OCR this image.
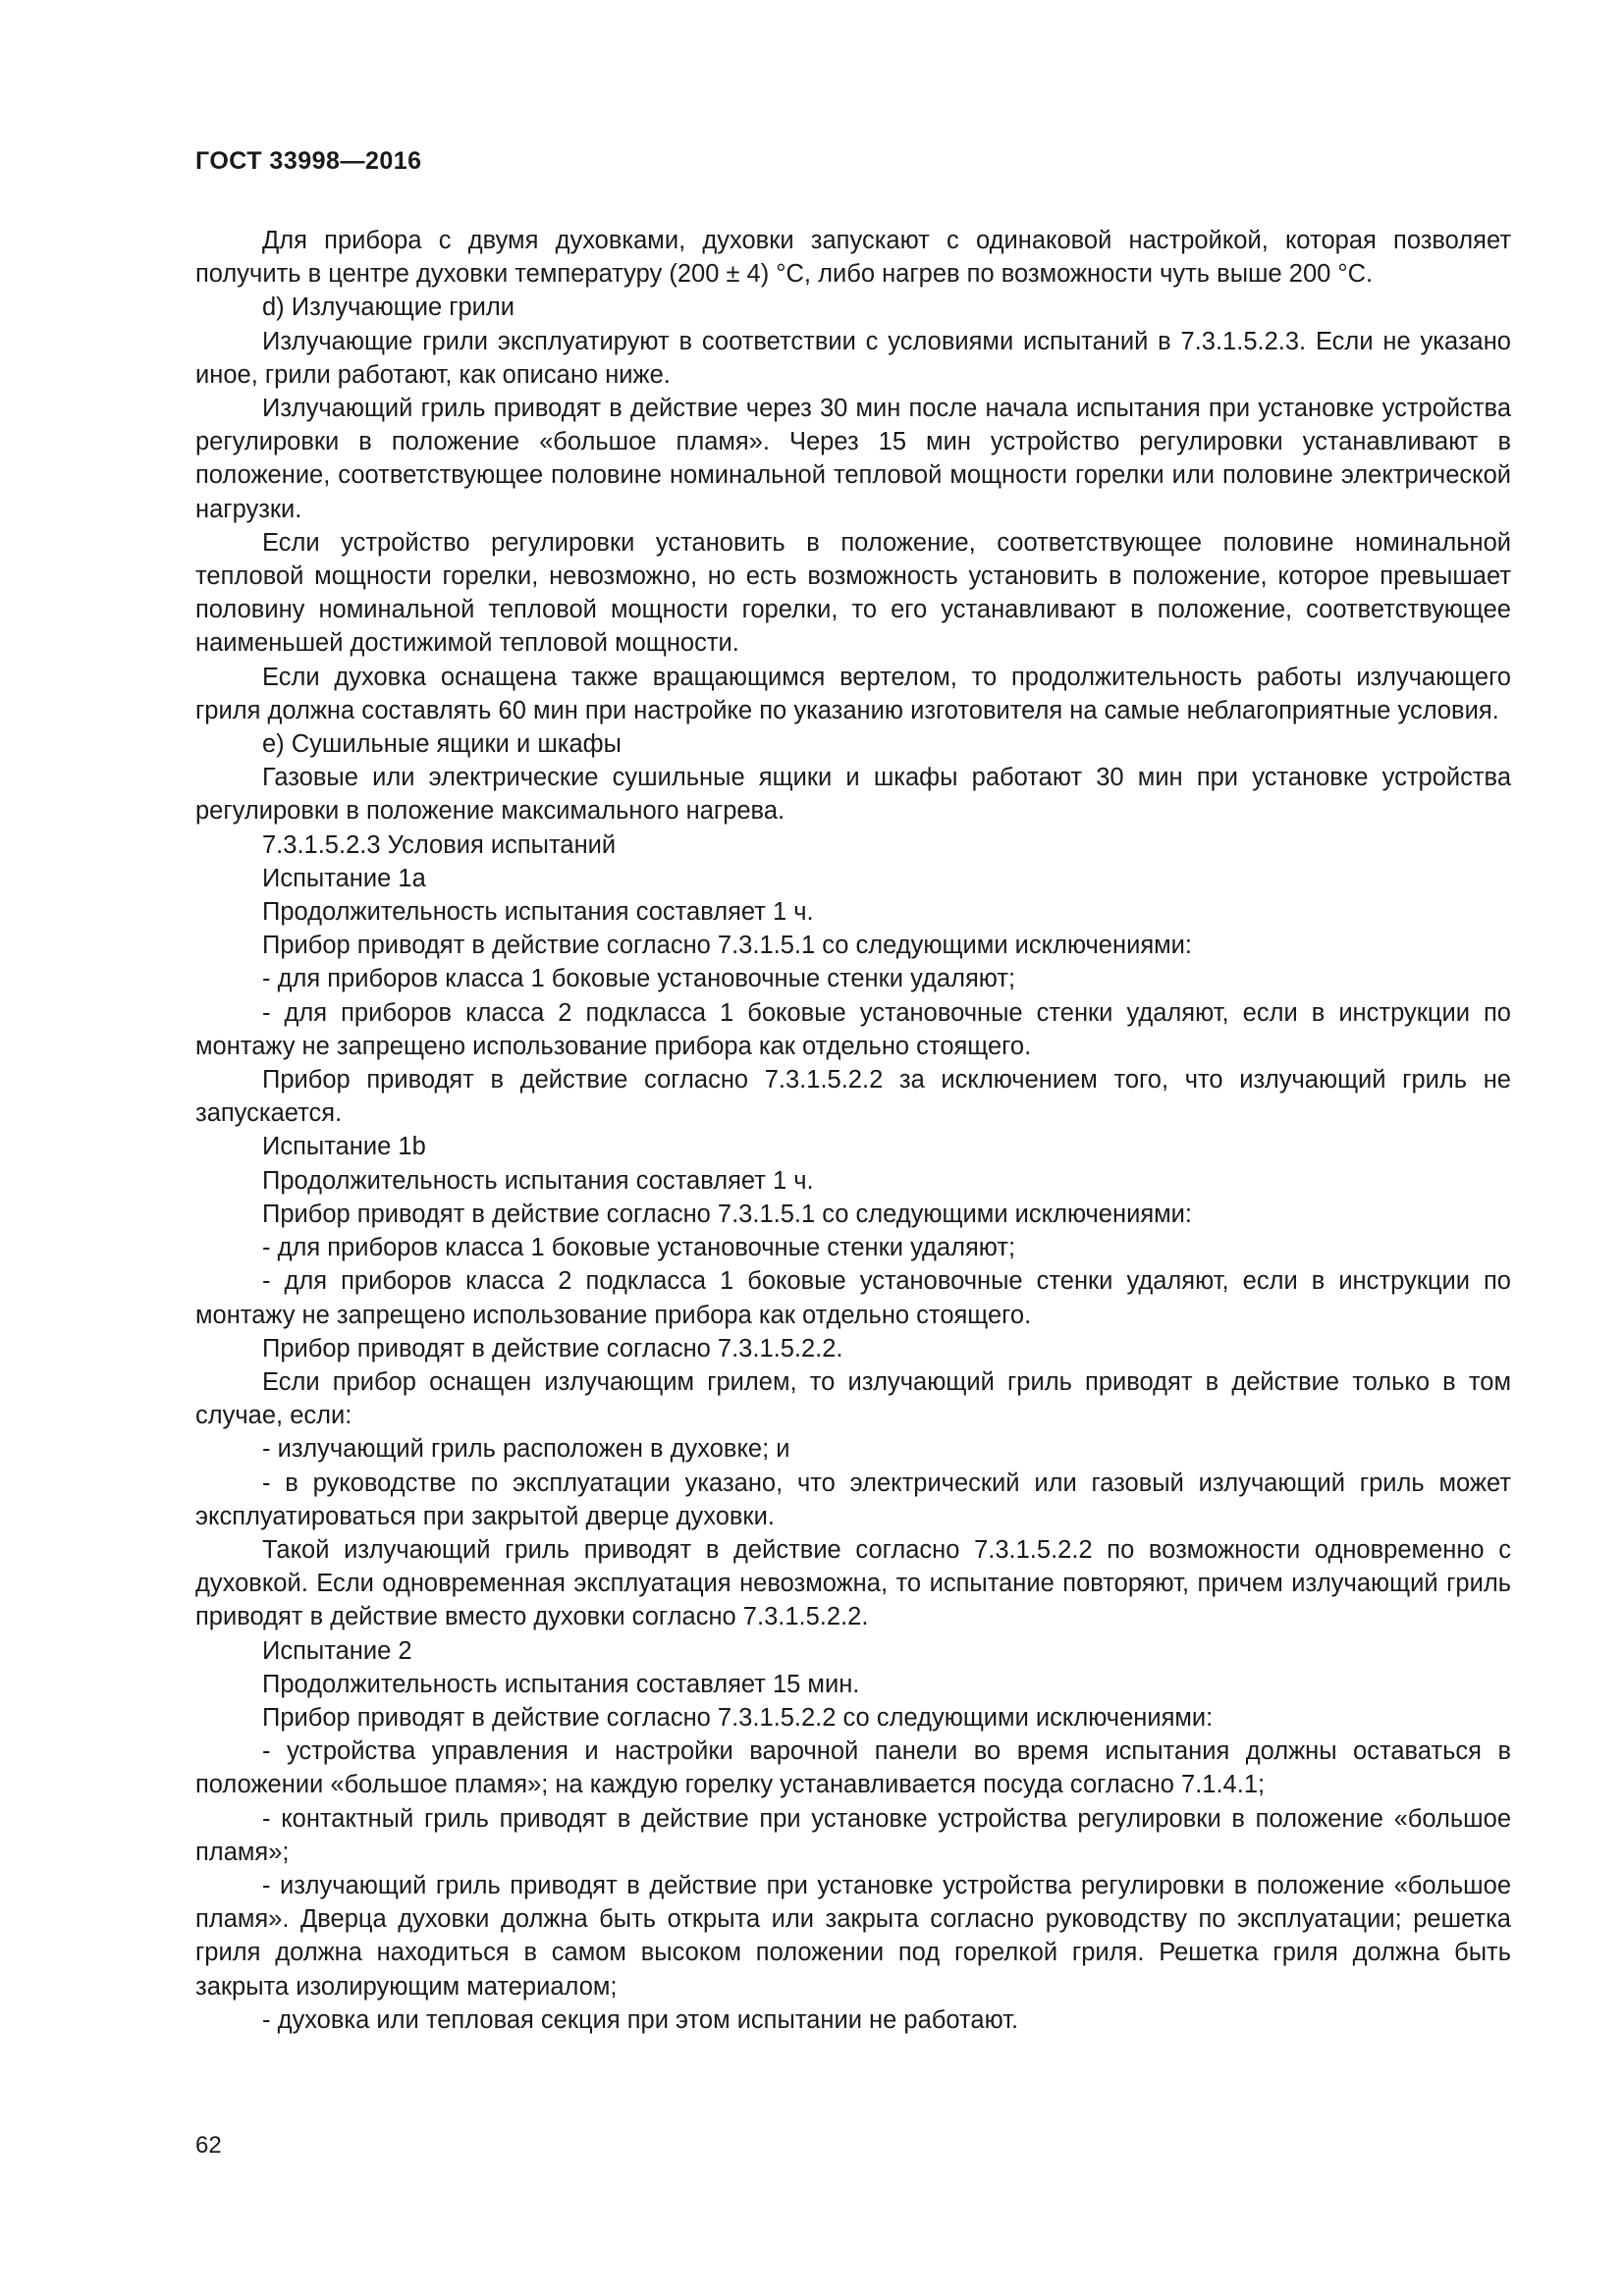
ГОСТ 33998—2016

Для прибора с двумя духовками, духовки запускают с одинаковой настройкой, которая позволяет получить в центре духовки температуру (200 ± 4) °C, либо нагрев по возможности чуть выше 200 °C.

d) Излучающие грили

Излучающие грили эксплуатируют в соответствии с условиями испытаний в 7.3.1.5.2.3. Если не указано иное, грили работают, как описано ниже.

Излучающий гриль приводят в действие через 30 мин после начала испытания при установке устройства регулировки в положение «большое пламя». Через 15 мин устройство регулировки устанавливают в положение, соответствующее половине номинальной тепловой мощности горелки или половине электрической нагрузки.

Если устройство регулировки установить в положение, соответствующее половине номинальной тепловой мощности горелки, невозможно, но есть возможность установить в положение, которое превышает половину номинальной тепловой мощности горелки, то его устанавливают в положение, соответствующее наименьшей достижимой тепловой мощности.

Если духовка оснащена также вращающимся вертелом, то продолжительность работы излучающего гриля должна составлять 60 мин при настройке по указанию изготовителя на самые неблагоприятные условия.

е) Сушильные ящики и шкафы

Газовые или электрические сушильные ящики и шкафы работают 30 мин при установке устройства регулировки в положение максимального нагрева.

7.3.1.5.2.3 Условия испытаний

Испытание 1а

Продолжительность испытания составляет 1 ч.

Прибор приводят в действие согласно 7.3.1.5.1 со следующими исключениями:

- для приборов класса 1 боковые установочные стенки удаляют;

- для приборов класса 2 подкласса 1 боковые установочные стенки удаляют, если в инструкции по монтажу не запрещено использование прибора как отдельно стоящего.

Прибор приводят в действие согласно 7.3.1.5.2.2 за исключением того, что излучающий гриль не запускается.

Испытание 1b

Продолжительность испытания составляет 1 ч.

Прибор приводят в действие согласно 7.3.1.5.1 со следующими исключениями:

- для приборов класса 1 боковые установочные стенки удаляют;

- для приборов класса 2 подкласса 1 боковые установочные стенки удаляют, если в инструкции по монтажу не запрещено использование прибора как отдельно стоящего.

Прибор приводят в действие согласно 7.3.1.5.2.2.

Если прибор оснащен излучающим грилем, то излучающий гриль приводят в действие только в том случае, если:

- излучающий гриль расположен в духовке; и

- в руководстве по эксплуатации указано, что электрический или газовый излучающий гриль может эксплуатироваться при закрытой дверце духовки.

Такой излучающий гриль приводят в действие согласно 7.3.1.5.2.2 по возможности одновременно с духовкой. Если одновременная эксплуатация невозможна, то испытание повторяют, причем излучающий гриль приводят в действие вместо духовки согласно 7.3.1.5.2.2.

Испытание 2

Продолжительность испытания составляет 15 мин.

Прибор приводят в действие согласно 7.3.1.5.2.2 со следующими исключениями:

- устройства управления и настройки варочной панели во время испытания должны оставаться в положении «большое пламя»; на каждую горелку устанавливается посуда согласно 7.1.4.1;

- контактный гриль приводят в действие при установке устройства регулировки в положение «большое пламя»;

- излучающий гриль приводят в действие при установке устройства регулировки в положение «большое пламя». Дверца духовки должна быть открыта или закрыта согласно руководству по эксплуатации; решетка гриля должна находиться в самом высоком положении под горелкой гриля. Решетка гриля должна быть закрыта изолирующим материалом;

- духовка или тепловая секция при этом испытании не работают.

62
